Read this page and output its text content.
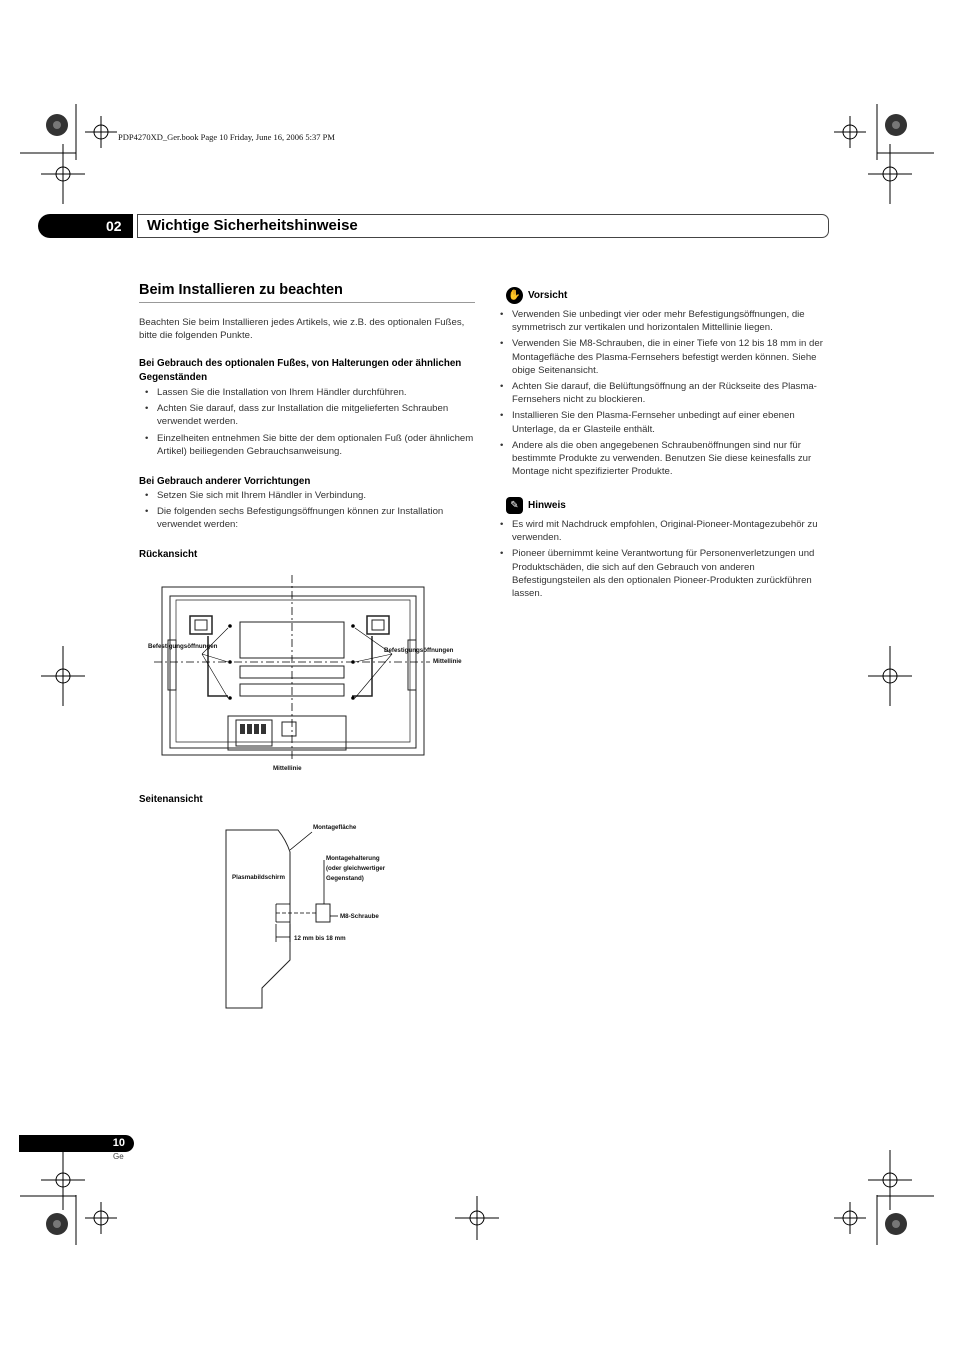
PDP4270XD_Ger.book Page 10 Friday, June 16, 2006 5:37 PM
02 Wichtige Sicherheitshinweise
Beim Installieren zu beachten
Beachten Sie beim Installieren jedes Artikels, wie z.B. des optionalen Fußes, bitte die folgenden Punkte.
Bei Gebrauch des optionalen Fußes, von Halterungen oder ähnlichen Gegenständen
• Lassen Sie die Installation von Ihrem Händler durchführen.
• Achten Sie darauf, dass zur Installation die mitgelieferten Schrauben verwendet werden.
• Einzelheiten entnehmen Sie bitte der dem optionalen Fuß (oder ähnlichem Artikel) beiliegenden Gebrauchsanweisung.
Bei Gebrauch anderer Vorrichtungen
• Setzen Sie sich mit Ihrem Händler in Verbindung.
• Die folgenden sechs Befestigungsöffnungen können zur Installation verwendet werden:
Rückansicht
Befestigungsöffnungen
Befestigungsöffnungen
Mittellinie
Mittellinie
Seitenansicht
Montagefläche
Montagehalterung
(oder gleichwertiger
Gegenstand)
Plasmabildschirm
M8-Schraube
12 mm bis 18 mm
✋ Vorsicht
• Verwenden Sie unbedingt vier oder mehr Befestigungsöffnungen, die symmetrisch zur vertikalen und horizontalen Mittellinie liegen.
• Verwenden Sie M8-Schrauben, die in einer Tiefe von 12 bis 18 mm in der Montagefläche des Plasma-Fernsehers befestigt werden können. Siehe obige Seitenansicht.
• Achten Sie darauf, die Belüftungsöffnung an der Rückseite des Plasma-Fernsehers nicht zu blockieren.
• Installieren Sie den Plasma-Fernseher unbedingt auf einer ebenen Unterlage, da er Glasteile enthält.
• Andere als die oben angegebenen Schraubenöffnungen sind nur für bestimmte Produkte zu verwenden. Benutzen Sie diese keinesfalls zur Montage nicht spezifizierter Produkte.
✎ Hinweis
• Es wird mit Nachdruck empfohlen, Original-Pioneer-Montagezubehör zu verwenden.
• Pioneer übernimmt keine Verantwortung für Personenverletzungen und Produktschäden, die sich auf den Gebrauch von anderen Befestigungsteilen als den optionalen Pioneer-Produkten zurückführen lassen.
10
Ge
